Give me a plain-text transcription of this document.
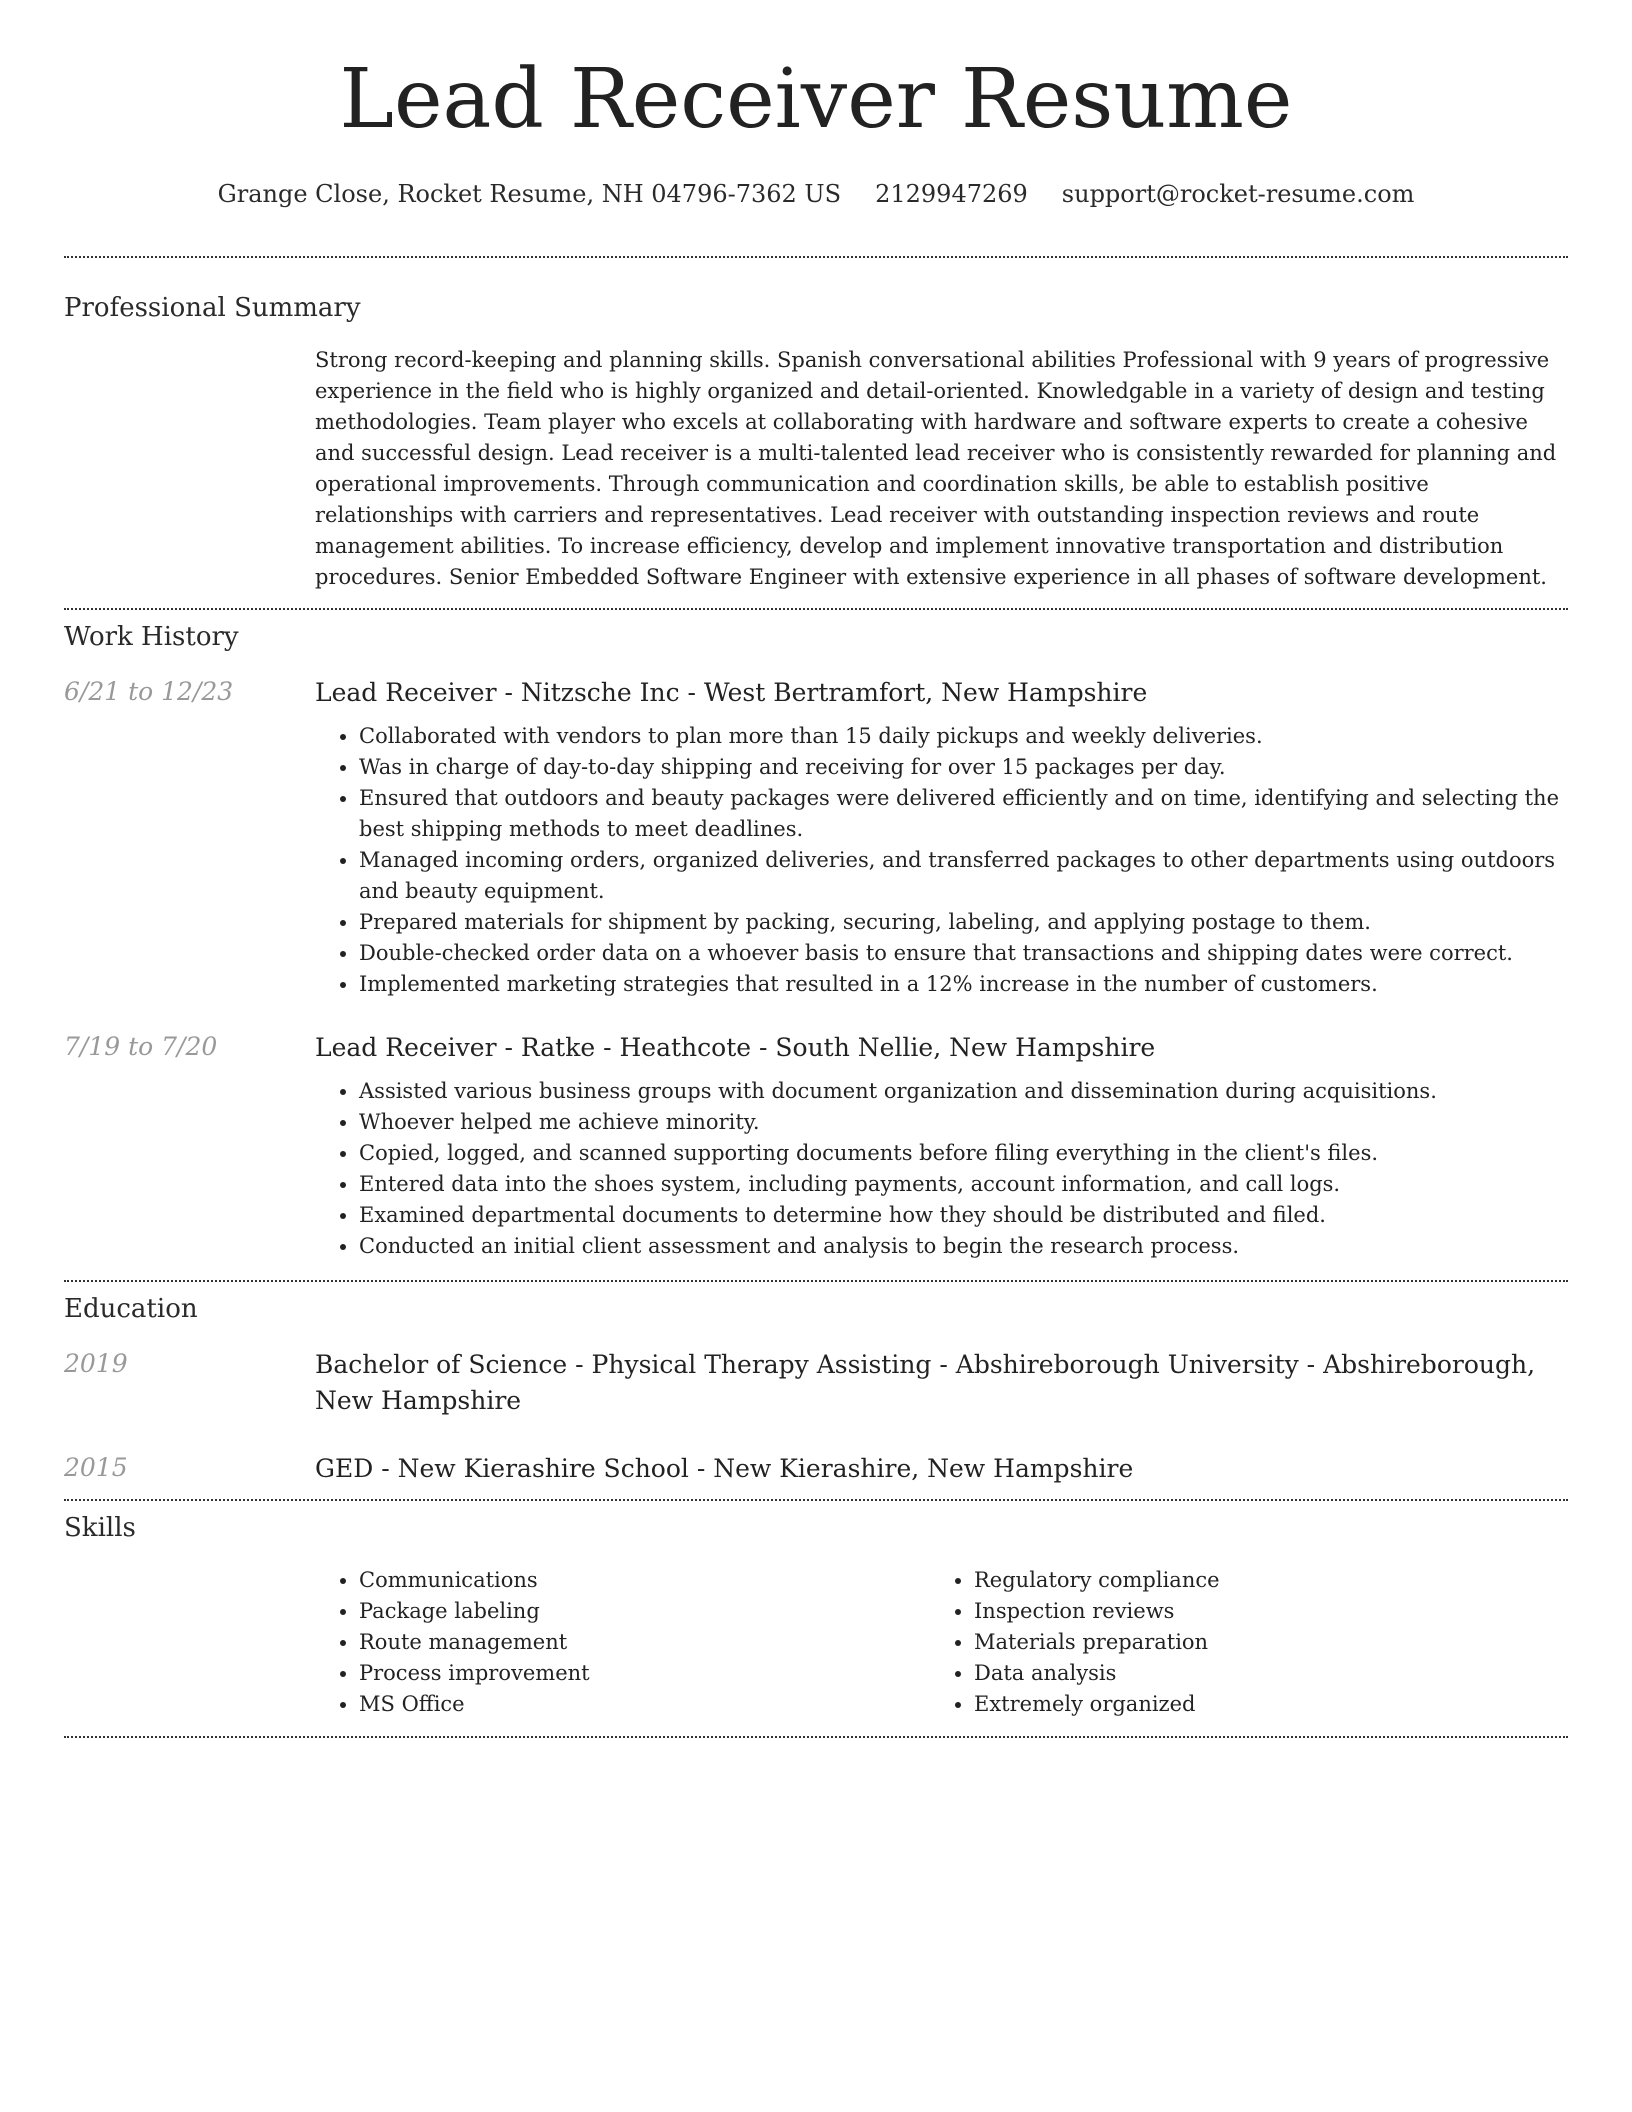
Lead Receiver Resume
Grange Close, Rocket Resume, NH 04796-7362 US 2129947269 support@rocket-resume.com
Professional Summary

Strong record-keeping and planning skills. Spanish conversational abilities Professional with 9 years of progressive experience in the field who is highly organized and detail-oriented. Knowledgable in a variety of design and testing methodologies. Team player who excels at collaborating with hardware and software experts to create a cohesive and successful design. Lead receiver is a multi-talented lead receiver who is consistently rewarded for planning and operational improvements. Through communication and coordination skills, be able to establish positive relationships with carriers and representatives. Lead receiver with outstanding inspection reviews and route management abilities. To increase efficiency, develop and implement innovative transportation and distribution procedures. Senior Embedded Software Engineer with extensive experience in all phases of software development.

Work History
6/21 to 12/23	Lead Receiver - Nitzsche Inc - West Bertramfort, New Hampshire

• Collaborated with vendors to plan more than 15 daily pickups and weekly deliveries.
• Was in charge of day-to-day shipping and receiving for over 15 packages per day.
• Ensured that outdoors and beauty packages were delivered efficiently and on time, identifying and selecting the best shipping methods to meet deadlines.
• Managed incoming orders, organized deliveries, and transferred packages to other departments using outdoors and beauty equipment.
• Prepared materials for shipment by packing, securing, labeling, and applying postage to them.
• Double-checked order data on a whoever basis to ensure that transactions and shipping dates were correct.
• Implemented marketing strategies that resulted in a 12% increase in the number of customers.
7/19 to 7/20	Lead Receiver - Ratke - Heathcote - South Nellie, New Hampshire

• Assisted various business groups with document organization and dissemination during acquisitions.
• Whoever helped me achieve minority.
• Copied, logged, and scanned supporting documents before filing everything in the client's files.
• Entered data into the shoes system, including payments, account information, and call logs.
• Examined departmental documents to determine how they should be distributed and filed.
• Conducted an initial client assessment and analysis to begin the research process.
Education
2019	Bachelor of Science - Physical Therapy Assisting - Abshireborough University - Abshireborough, New Hampshire

2015	GED - New Kierashire School - New Kierashire, New Hampshire

Skills
• Communications
• Package labeling
• Route management
• Process improvement
• MS Office
• Regulatory compliance
• Inspection reviews
• Materials preparation
• Data analysis
• Extremely organized
